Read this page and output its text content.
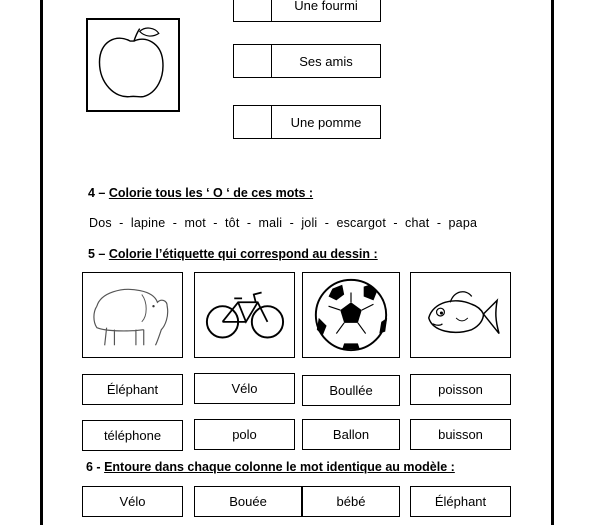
Une fourmi
Ses amis
Une pomme
4 – Colorie tous les ‘ O ‘ de ces mots :
Dos  -  lapine  -  mot  -  tôt  -  mali  -  joli  -  escargot  -  chat  -  papa
5 – Colorie l’étiquette qui correspond au dessin :
Éléphant	Vélo	Boullée	poisson
téléphone	polo	Ballon	buisson
6 - Entoure dans chaque colonne le mot identique au modèle :
Vélo	Bouée	bébé	Éléphant
